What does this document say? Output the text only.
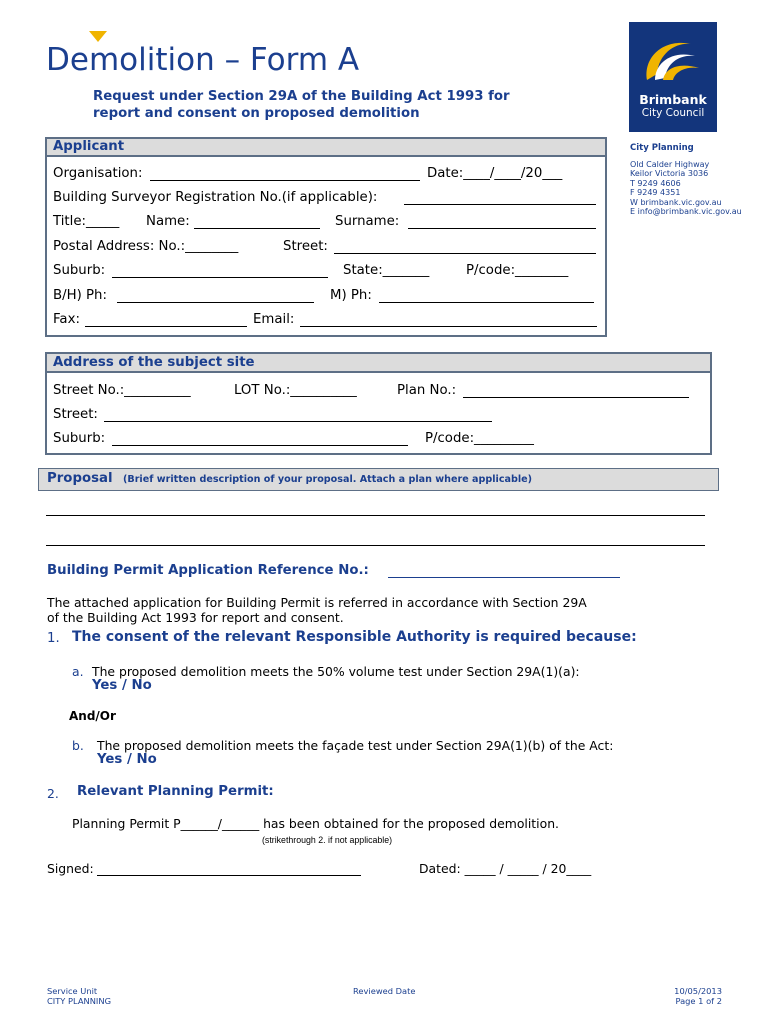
Demolition – Form A
Request under Section 29A of the Building Act 1993 for
report and consent on proposed demolition
Brimbank
City Council
City Planning
Old Calder Highway
Keilor Victoria 3036
T 9249 4606
F 9249 4351
W brimbank.vic.gov.au
E info@brimbank.vic.gov.au
Applicant
Organisation:	Date:____/____/20___
Building Surveyor Registration No.(if applicable):
Title:_____ Name:	Surname:
Postal Address: No.:________	Street:
Suburb:	State:_______	P/code:________
B/H) Ph:	M) Ph:
Fax:	Email:
Address of the subject site
Street No.:__________	LOT No.:__________	Plan No.:
Street:
Suburb:	P/code:_________
Proposal (Brief written description of your proposal. Attach a plan where applicable)
Building Permit Application Reference No.:
The attached application for Building Permit is referred in accordance with Section 29A
of the Building Act 1993 for report and consent.
1. The consent of the relevant Responsible Authority is required because:
a. The proposed demolition meets the 50% volume test under Section 29A(1)(a):
Yes / No
And/Or
b. The proposed demolition meets the façade test under Section 29A(1)(b) of the Act:
Yes / No
2. Relevant Planning Permit:
Planning Permit P______/______ has been obtained for the proposed demolition.
(strikethrough 2. if not applicable)
Signed:	Dated: _____ / _____ / 20____
Service Unit
CITY PLANNING
Reviewed Date	10/05/2013
Page 1 of 2
